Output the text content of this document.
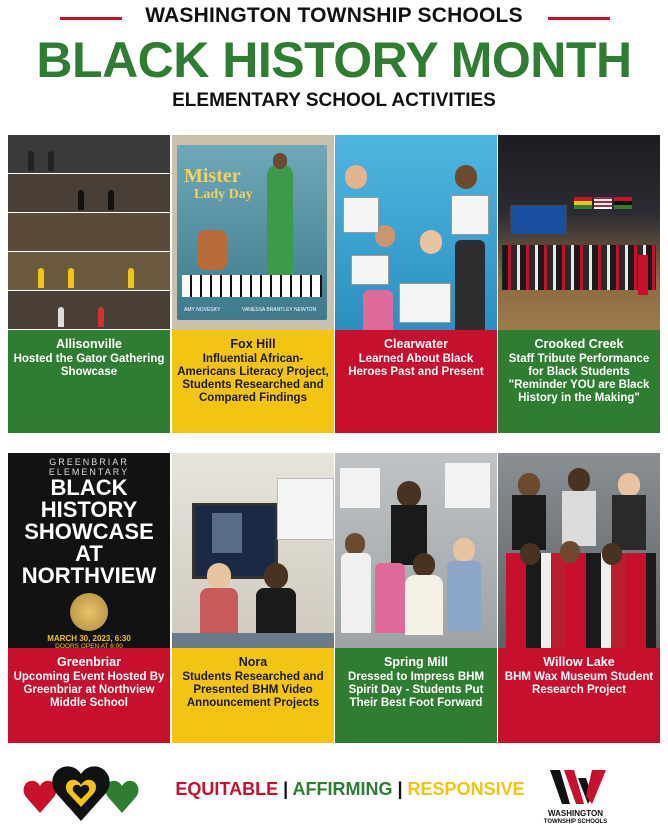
WASHINGTON TOWNSHIP SCHOOLS
BLACK HISTORY MONTH
ELEMENTARY SCHOOL ACTIVITIES
Allisonville
Hosted the Gator Gathering Showcase
Mister
Lady Day
AMY NOVESKY	VANESSA BRANTLEY NEWTON
Fox Hill
Influential African-Americans Literacy Project, Students Researched and Compared Findings
Clearwater
Learned About Black Heroes Past and Present
Crooked Creek
Staff Tribute Performance for Black Students "Reminder YOU are Black History in the Making"
GREENBRIAR
ELEMENTARY
BLACK HISTORY
SHOWCASE
AT NORTHVIEW
MARCH 30, 2023, 6:30
DOORS OPEN AT 6:00
Greenbriar
Upcoming Event Hosted By Greenbriar at Northview Middle School
Nora
Students Researched and Presented BHM Video Announcement Projects
Spring Mill
Dressed to Impress BHM Spirit Day - Students Put Their Best Foot Forward
Willow Lake
BHM Wax Museum Student Research Project
EQUITABLE | AFFIRMING | RESPONSIVE
WASHINGTON
TOWNSHIP SCHOOLS
